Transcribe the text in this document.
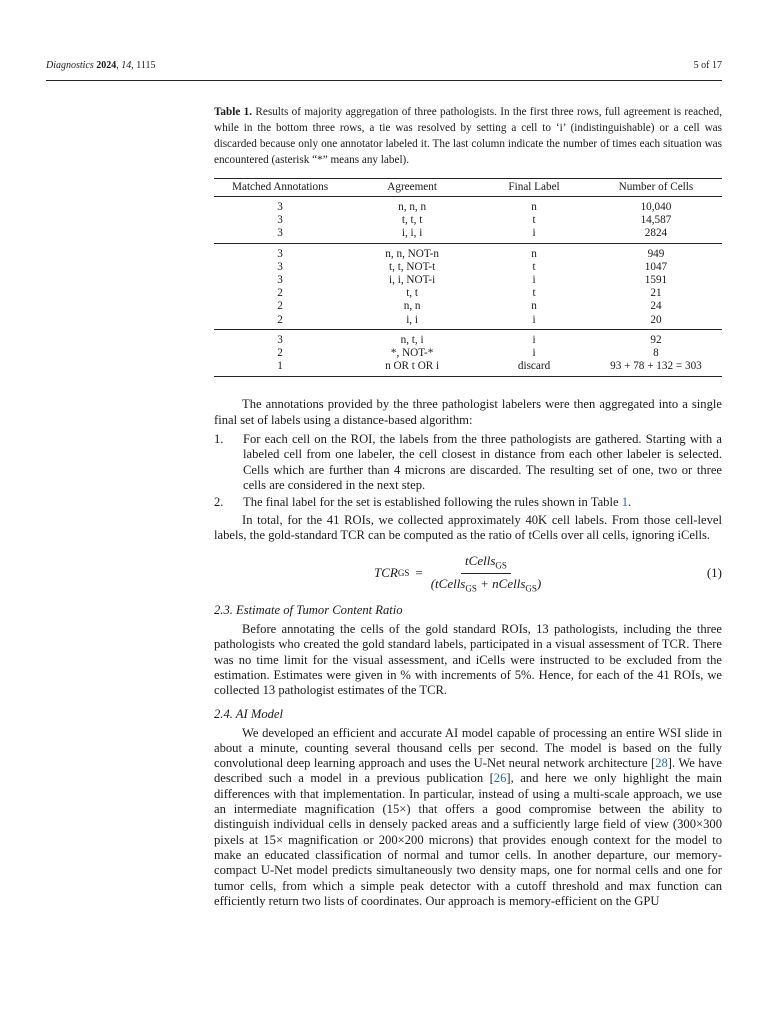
Diagnostics 2024, 14, 1115	5 of 17

Table 1. Results of majority aggregation of three pathologists. In the first three rows, full agreement is reached, while in the bottom three rows, a tie was resolved by setting a cell to ‘i’ (indistinguishable) or a cell was discarded because only one annotator labeled it. The last column indicate the number of times each situation was encountered (asterisk “*” means any label).

Matched Annotations	Agreement	Final Label	Number of Cells
3	n, n, n	n	10,040
3	t, t, t	t	14,587
3	i, i, i	i	2824
3	n, n, NOT-n	n	949
3	t, t, NOT-t	t	1047
3	i, i, NOT-i	i	1591
2	t, t	t	21
2	n, n	n	24
2	i, i	i	20
3	n, t, i	i	92
2	*, NOT-*	i	8
1	n OR t OR i	discard	93 + 78 + 132 = 303

The annotations provided by the three pathologist labelers were then aggregated into a single final set of labels using a distance-based algorithm:

1. For each cell on the ROI, the labels from the three pathologists are gathered. Starting with a labeled cell from one labeler, the cell closest in distance from each other labeler is selected. Cells which are further than 4 microns are discarded. The resulting set of one, two or three cells are considered in the next step.
2. The final label for the set is established following the rules shown in Table 1.

In total, for the 41 ROIs, we collected approximately 40K cell labels. From those cell-level labels, the gold-standard TCR can be computed as the ratio of tCells over all cells, ignoring iCells.

TCR GS = $\frac{tCells_{GS}}{(tCells_{GS} + nCells_{GS})}$	(1)
2.3. Estimate of Tumor Content Ratio

Before annotating the cells of the gold standard ROIs, 13 pathologists, including the three pathologists who created the gold standard labels, participated in a visual assessment of TCR. There was no time limit for the visual assessment, and iCells were instructed to be excluded from the estimation. Estimates were given in % with increments of 5%. Hence, for each of the 41 ROIs, we collected 13 pathologist estimates of the TCR.

2.4. AI Model

We developed an efficient and accurate AI model capable of processing an entire WSI slide in about a minute, counting several thousand cells per second. The model is based on the fully convolutional deep learning approach and uses the U-Net neural network architecture [28]. We have described such a model in a previous publication [26], and here we only highlight the main differences with that implementation. In particular, instead of using a multi-scale approach, we use an intermediate magnification (15×) that offers a good compromise between the ability to distinguish individual cells in densely packed areas and a sufficiently large field of view (300×300 pixels at 15× magnification or 200×200 microns) that provides enough context for the model to make an educated classification of normal and tumor cells. In another departure, our memory-compact U-Net model predicts simultaneously two density maps, one for normal cells and one for tumor cells, from which a simple peak detector with a cutoff threshold and max function can efficiently return two lists of coordinates. Our approach is memory-efficient on the GPU
